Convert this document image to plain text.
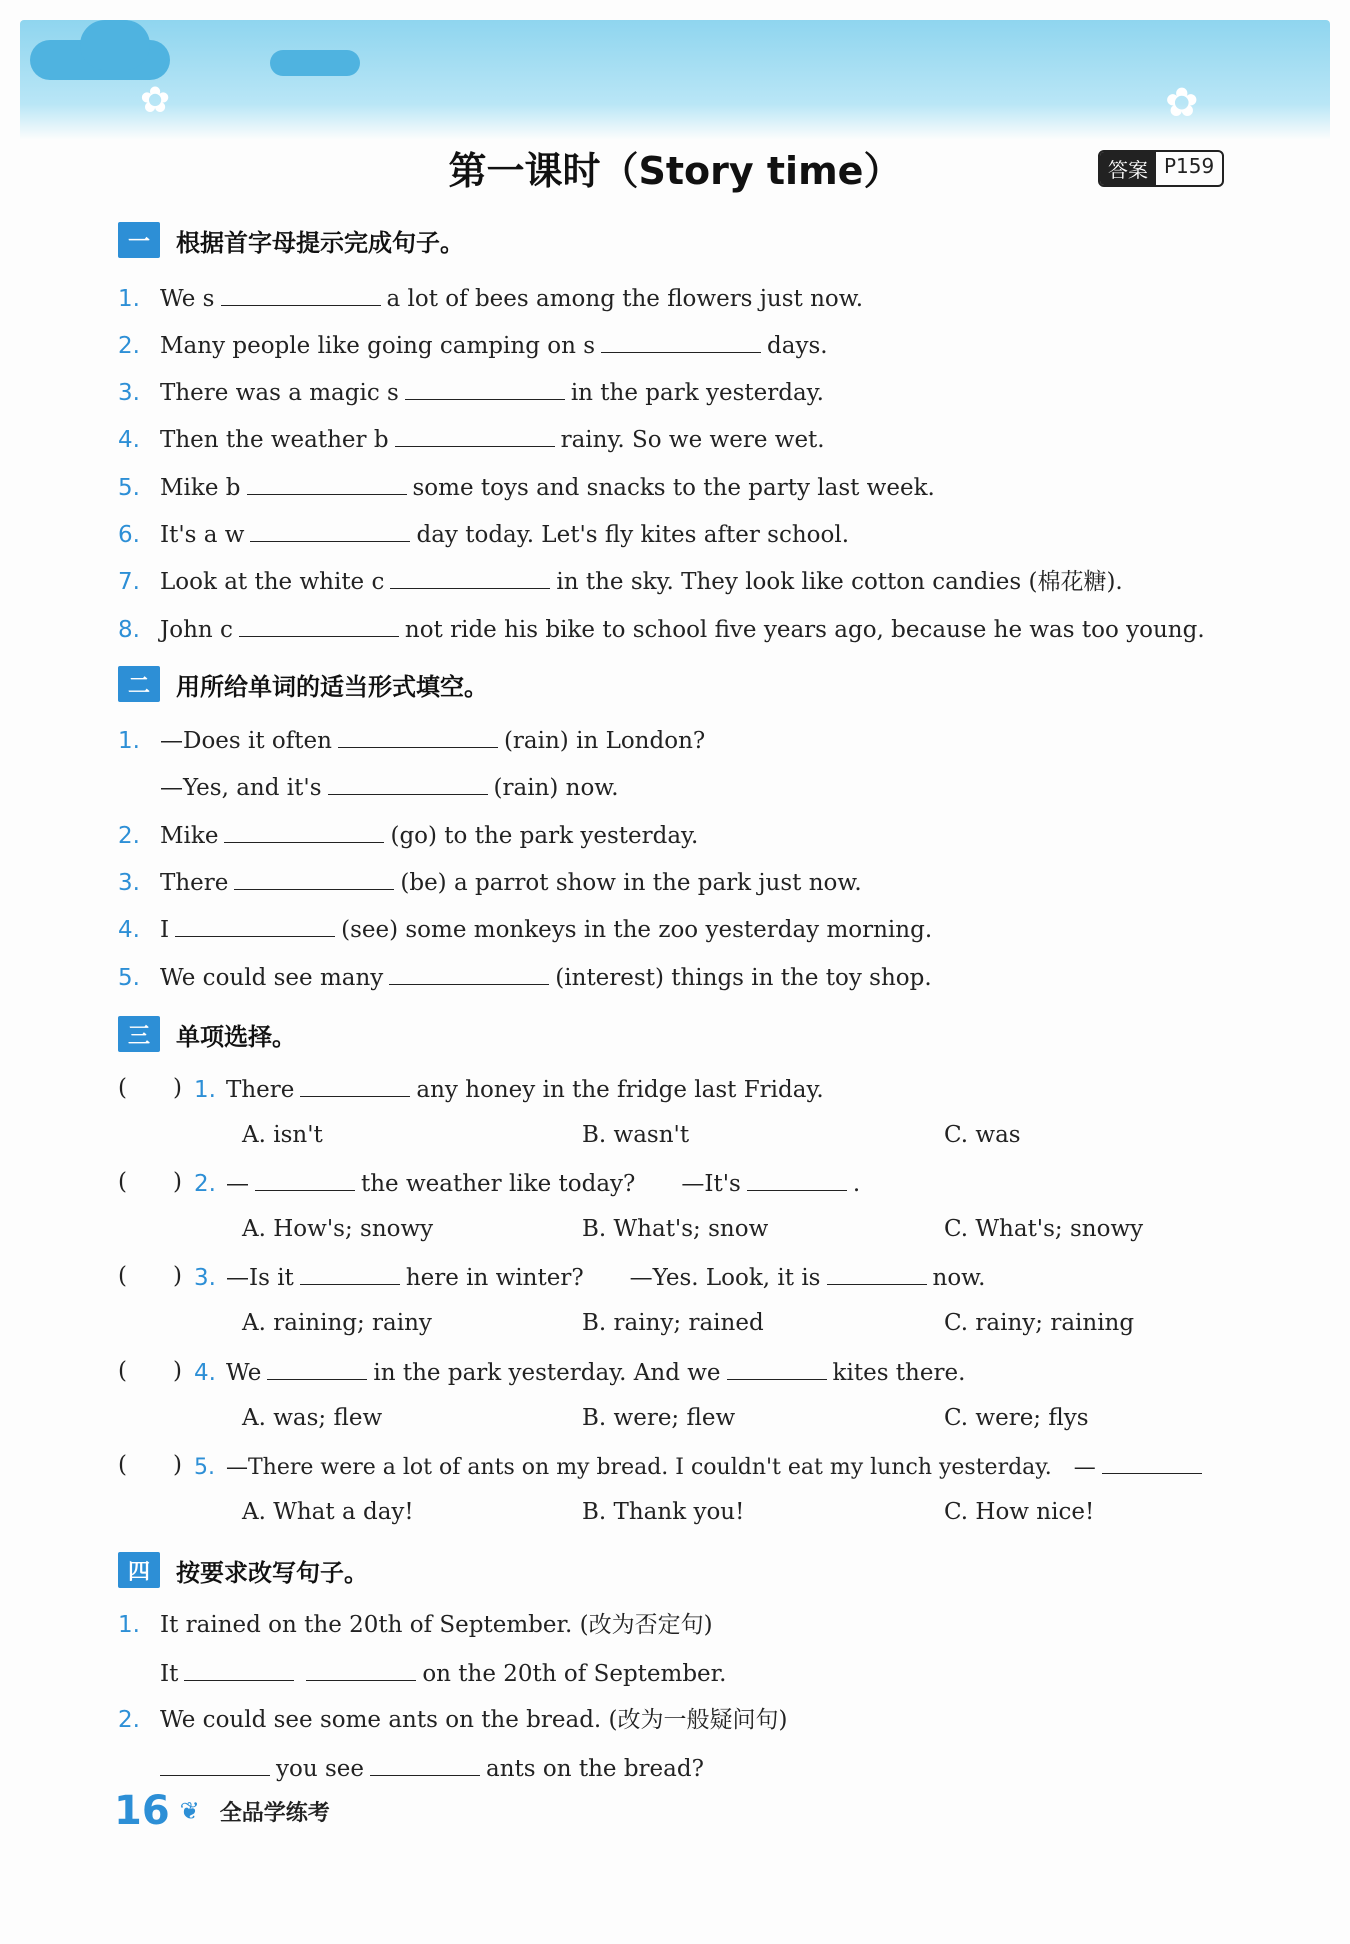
✿	✿
第一课时（Story time）	答案 P159
一	根据首字母提示完成句子。
1. We s	a lot of bees among the flowers just now.
2. Many people like going camping on s	days.
3. There was a magic s	in the park yesterday.
4. Then the weather b	rainy. So we were wet.
5. Mike b	some toys and snacks to the party last week.
6. It's a w	day today. Let's fly kites after school.
7. Look at the white c	in the sky. They look like cotton candies (棉花糖).
8. John c	not ride his bike to school five years ago, because he was too young.
二	用所给单词的适当形式填空。
1. —Does it often	(rain) in London?
—Yes, and it's	(rain) now.
2. Mike	(go) to the park yesterday.
3. There	(be) a parrot show in the park just now.
4. I	(see) some monkeys in the zoo yesterday morning.
5. We could see many	(interest) things in the toy shop.
三	单项选择。
(　　) 1. There	any honey in the fridge last Friday.
A. isn't	B. wasn't	C. was
(　　) 2. —	the weather like today?　　—It's	.
A. How's; snowy	B. What's; snow	C. What's; snowy
(　　) 3. —Is it	here in winter?　　—Yes. Look, it is	now.
A. raining; rainy	B. rainy; rained	C. rainy; raining
(　　) 4. We	in the park yesterday. And we	kites there.
A. was; flew	B. were; flew	C. were; flys
(　　) 5. —There were a lot of ants on my bread. I couldn't eat my lunch yesterday.　—
A. What a day!	B. Thank you!	C. How nice!
四	按要求改写句子。
1. It rained on the 20th of September. (改为否定句)
It	on the 20th of September.
2. We could see some ants on the bread. (改为一般疑问句)
you see	ants on the bread?
16 ❦ 全品学练考
